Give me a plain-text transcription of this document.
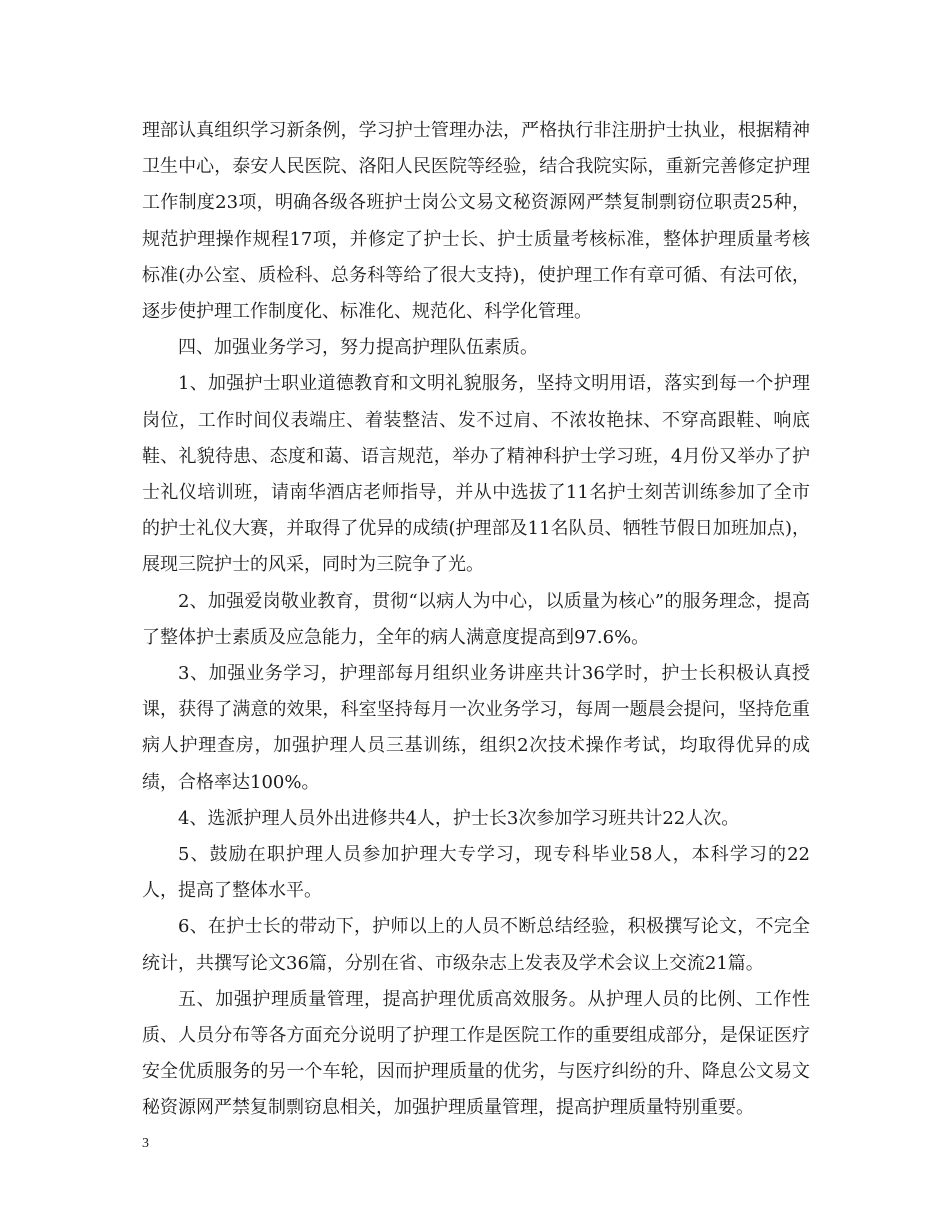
理部认真组织学习新条例，学习护士管理办法，严格执行非注册护士执业，根据精神卫生中心，泰安人民医院、洛阳人民医院等经验，结合我院实际，重新完善修定护理工作制度23项，明确各级各班护士岗公文易文秘资源网严禁复制剽窃位职责25种，规范护理操作规程17项，并修定了护士长、护士质量考核标准，整体护理质量考核标准(办公室、质检科、总务科等给了很大支持)，使护理工作有章可循、有法可依，逐步使护理工作制度化、标准化、规范化、科学化管理。

四、加强业务学习，努力提高护理队伍素质。

1、加强护士职业道德教育和文明礼貌服务，坚持文明用语，落实到每一个护理岗位，工作时间仪表端庄、着装整洁、发不过肩、不浓妆艳抹、不穿高跟鞋、响底鞋、礼貌待患、态度和蔼、语言规范，举办了精神科护士学习班，4月份又举办了护士礼仪培训班，请南华酒店老师指导，并从中选拔了11名护士刻苦训练参加了全市的护士礼仪大赛，并取得了优异的成绩(护理部及11名队员、牺牲节假日加班加点)，展现三院护士的风采，同时为三院争了光。

2、加强爱岗敬业教育，贯彻“以病人为中心，以质量为核心”的服务理念，提高了整体护士素质及应急能力，全年的病人满意度提高到97.6%。

3、加强业务学习，护理部每月组织业务讲座共计36学时，护士长积极认真授课，获得了满意的效果，科室坚持每月一次业务学习，每周一题晨会提问，坚持危重病人护理查房，加强护理人员三基训练，组织2次技术操作考试，均取得优异的成绩，合格率达100%。

4、选派护理人员外出进修共4人，护士长3次参加学习班共计22人次。

5、鼓励在职护理人员参加护理大专学习，现专科毕业58人，本科学习的22人，提高了整体水平。

6、在护士长的带动下，护师以上的人员不断总结经验，积极撰写论文，不完全统计，共撰写论文36篇，分别在省、市级杂志上发表及学术会议上交流21篇。

五、加强护理质量管理，提高护理优质高效服务。从护理人员的比例、工作性质、人员分布等各方面充分说明了护理工作是医院工作的重要组成部分，是保证医疗安全优质服务的另一个车轮，因而护理质量的优劣，与医疗纠纷的升、降息公文易文秘资源网严禁复制剽窃息相关，加强护理质量管理，提高护理质量特别重要。

3
